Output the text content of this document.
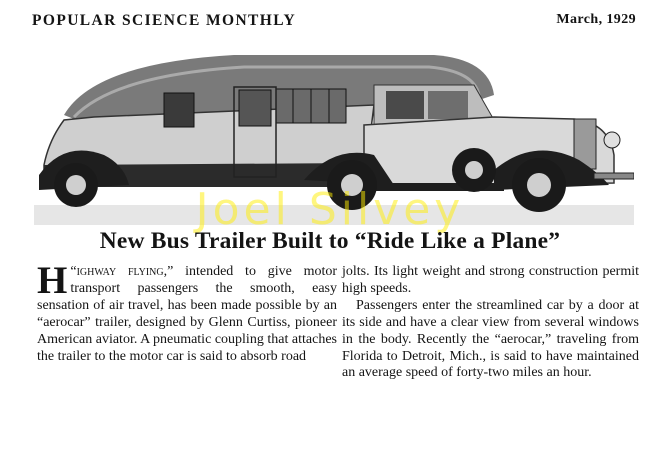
POPULAR SCIENCE MONTHLY	March, 1929
Joel Silvey
New Bus Trailer Built to “Ride Like a Plane”

“
H ighway flying,” intended to give motor transport passengers the smooth, easy sensation of air travel, has been made possible by an “aerocar” trailer, designed by Glenn Curtiss, pioneer American aviator. A pneumatic coupling that attaches the trailer to the motor car is said to absorb road

jolts. Its light weight and strong construction permit high speeds.

Passengers enter the streamlined car by a door at its side and have a clear view from several windows in the body. Recently the “aerocar,” traveling from Florida to Detroit, Mich., is said to have maintained an average speed of forty-two miles an hour.
